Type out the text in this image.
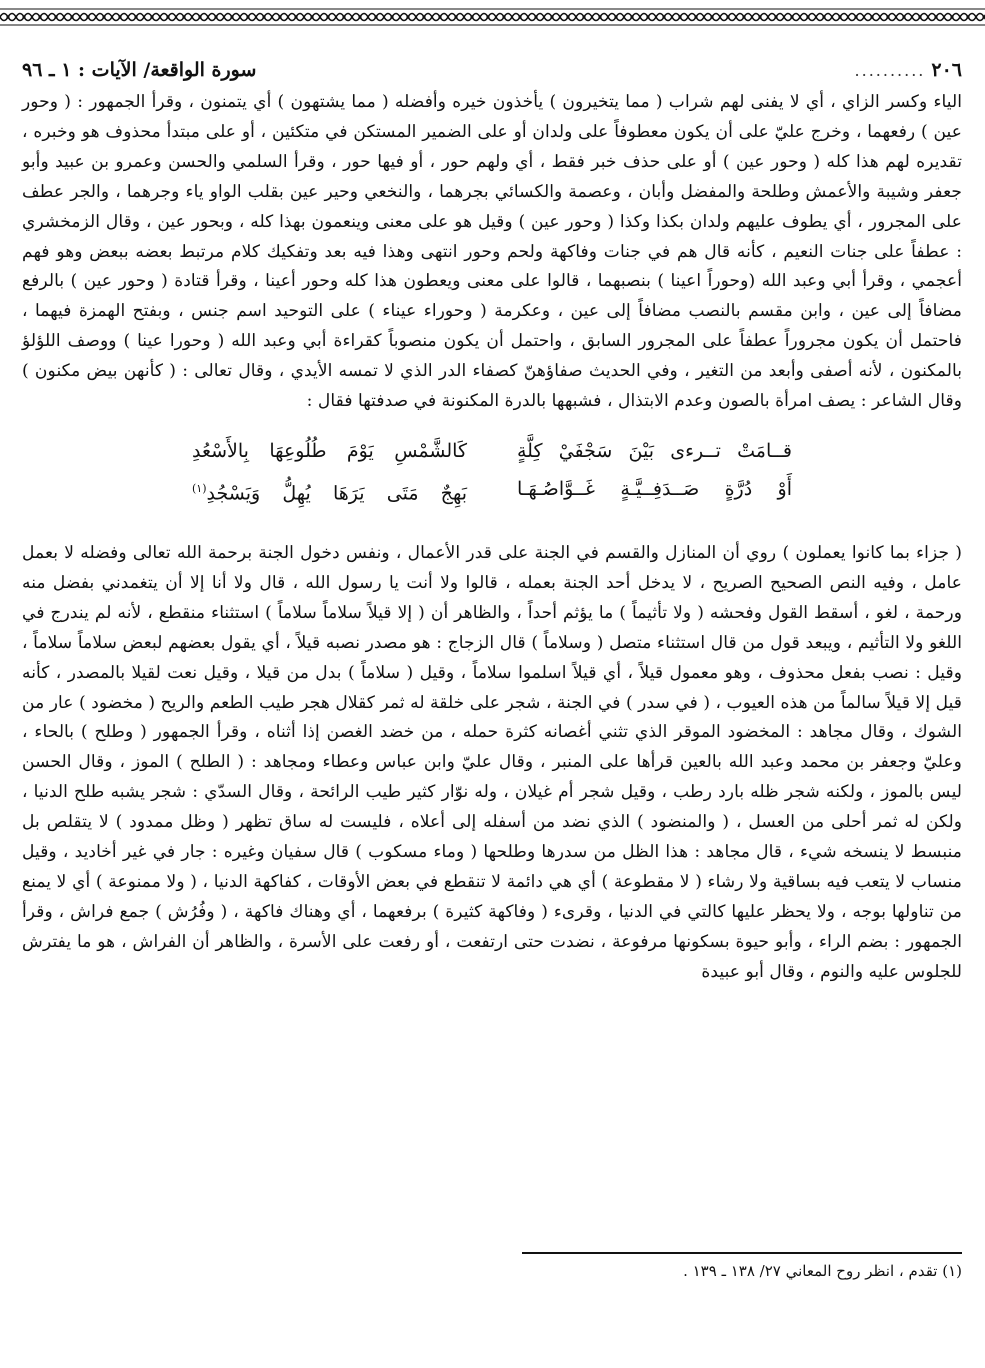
٢٠٦
..........
سورة الواقعة/ الآيات : ١ ـ ٩٦

الياء وكسر الزاي ، أي لا يفنى لهم شراب ( مما يتخيرون ) يأخذون خيره وأفضله ( مما يشتهون ) أي يتمنون ، وقرأ الجمهور : ( وحور عين ) رفعهما ، وخرج عليّ على أن يكون معطوفاً على ولدان أو على الضمير المستكن في متكئين ، أو على مبتدأ محذوف هو وخبره ، تقديره لهم هذا كله ( وحور عين ) أو على حذف خبر فقط ، أي ولهم حور ، أو فيها حور ، وقرأ السلمي والحسن وعمرو بن عبيد وأبو جعفر وشيبة والأعمش وطلحة والمفضل وأبان ، وعصمة والكسائي بجرهما ، والنخعي وحير عين بقلب الواو ياء وجرهما ، والجر عطف على المجرور ، أي يطوف عليهم ولدان بكذا وكذا ( وحور عين ) وقيل هو على معنى وينعمون بهذا كله ، وبحور عين ، وقال الزمخشري : عطفاً على جنات النعيم ، كأنه قال هم في جنات وفاكهة ولحم وحور انتهى وهذا فيه بعد وتفكيك كلام مرتبط بعضه ببعض وهو فهم أعجمي ، وقرأ أبي وعبد الله (وحوراً اعينا ) بنصبهما ، قالوا على معنى ويعطون هذا كله وحور أعينا ، وقرأ قتادة ( وحور عين ) بالرفع مضافاً إلى عين ، وابن مقسم بالنصب مضافاً إلى عين ، وعكرمة ( وحوراء عيناء ) على التوحيد اسم جنس ، وبفتح الهمزة فيهما ، فاحتمل أن يكون مجروراً عطفاً على المجرور السابق ، واحتمل أن يكون منصوباً كقراءة أبي وعبد الله ( وحورا عينا ) ووصف اللؤلؤ بالمكنون ، لأنه أصفى وأبعد من التغير ، وفي الحديث صفاؤهنّ كصفاء الدر الذي لا تمسه الأيدي ، وقال تعالى : ( كأنهن بيض مكنون ) وقال الشاعر : يصف امرأة بالصون وعدم الابتذال ، فشبهها بالدرة المكنونة في صدفتها فقال :

قــامَتْ تــرءى بَيْنَ سَجْفَيْ كِلَّةٍ
كَالشَّمْسِ يَوْمَ طُلُوعِهَا بِالأَسْعُدِ
أَوْ دُرَّةٍ صَــدَفِــيَّـةٍ غَــوَّاصُـهَـا
بَهِجٌ مَتَى يَرَهَا يُهِلُّ وَيَسْجُدِ$^{(١)}$

( جزاء بما كانوا يعملون ) روي أن المنازل والقسم في الجنة على قدر الأعمال ، ونفس دخول الجنة برحمة الله تعالى وفضله لا بعمل عامل ، وفيه النص الصحيح الصريح ، لا يدخل أحد الجنة بعمله ، قالوا ولا أنت يا رسول الله ، قال ولا أنا إلا أن يتغمدني بفضل منه ورحمة ، لغو ، أسقط القول وفحشه ( ولا تأثيماً ) ما يؤثم أحداً ، والظاهر أن ( إلا قيلاً سلاماً سلاماً ) استثناء منقطع ، لأنه لم يندرج في اللغو ولا التأثيم ، ويبعد قول من قال استثناء متصل ( وسلاماً ) قال الزجاج : هو مصدر نصبه قيلاً ، أي يقول بعضهم لبعض سلاماً سلاماً ، وقيل : نصب بفعل محذوف ، وهو معمول قيلاً ، أي قيلاً اسلموا سلاماً ، وقيل ( سلاماً ) بدل من قيلا ، وقيل نعت لقيلا بالمصدر ، كأنه قيل إلا قيلاً سالماً من هذه العيوب ، ( في سدر ) في الجنة ، شجر على خلقة له ثمر كقلال هجر طيب الطعم والريح ( مخضود ) عار من الشوك ، وقال مجاهد : المخضود الموقر الذي تثني أغصانه كثرة حمله ، من خضد الغصن إذا أثناه ، وقرأ الجمهور ( وطلح ) بالحاء ، وعليّ وجعفر بن محمد وعبد الله بالعين قرأها على المنبر ، وقال عليّ وابن عباس وعطاء ومجاهد : ( الطلح ) الموز ، وقال الحسن ليس بالموز ، ولكنه شجر ظله بارد رطب ، وقيل شجر أم غيلان ، وله نوّار كثير طيب الرائحة ، وقال السدّي : شجر يشبه طلح الدنيا ، ولكن له ثمر أحلى من العسل ، ( والمنضود ) الذي نضد من أسفله إلى أعلاه ، فليست له ساق تظهر ( وظل ممدود ) لا يتقلص بل منبسط لا ينسخه شيء ، قال مجاهد : هذا الظل من سدرها وطلحها ( وماء مسكوب ) قال سفيان وغيره : جار في غير أخاديد ، وقيل منساب لا يتعب فيه بساقية ولا رشاء ( لا مقطوعة ) أي هي دائمة لا تنقطع في بعض الأوقات ، كفاكهة الدنيا ، ( ولا ممنوعة ) أي لا يمنع من تناولها بوجه ، ولا يحظر عليها كالتي في الدنيا ، وقرىء ( وفاكهة كثيرة ) برفعهما ، أي وهناك فاكهة ، ( وفُرُش ) جمع فراش ، وقرأ الجمهور : بضم الراء ، وأبو حيوة بسكونها مرفوعة ، نضدت حتى ارتفعت ، أو رفعت على الأسرة ، والظاهر أن الفراش ، هو ما يفترش للجلوس عليه والنوم ، وقال أبو عبيدة

(١) تقدم ، انظر روح المعاني ٢٧/ ١٣٨ ـ ١٣٩ .
